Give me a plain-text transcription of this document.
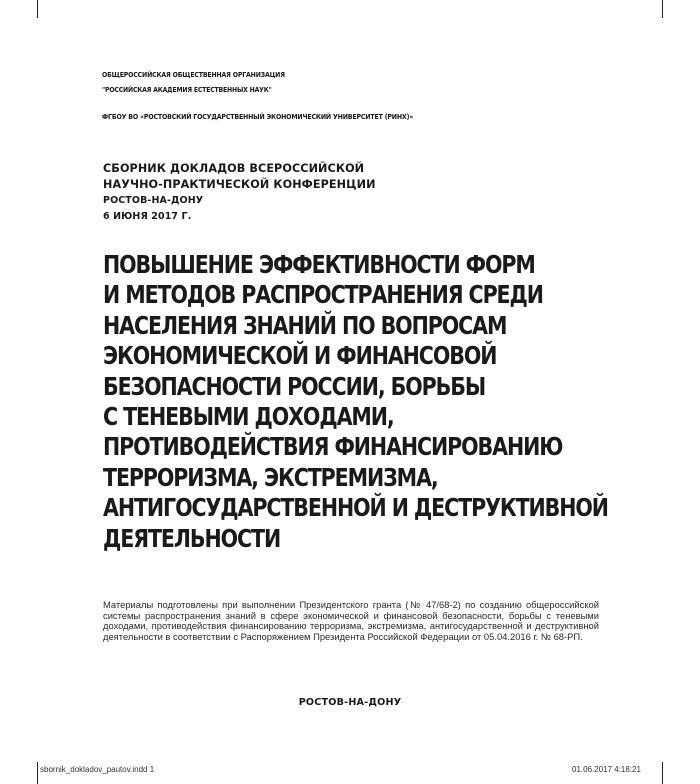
ОБЩЕРОССИЙСКАЯ ОБЩЕСТВЕННАЯ ОРГАНИЗАЦИЯ
"РОССИЙСКАЯ АКАДЕМИЯ ЕСТЕСТВЕННЫХ НАУК"
ФГБОУ ВО «РОСТОВСКИЙ ГОСУДАРСТВЕННЫЙ ЭКОНОМИЧЕСКИЙ УНИВЕРСИТЕТ (РИНХ)»
СБОРНИК ДОКЛАДОВ ВСЕРОССИЙСКОЙ
НАУЧНО-ПРАКТИЧЕСКОЙ КОНФЕРЕНЦИИ
РОСТОВ-НА-ДОНУ
6 ИЮНЯ 2017 Г.
ПОВЫШЕНИЕ ЭФФЕКТИВНОСТИ ФОРМ
И МЕТОДОВ РАСПРОСТРАНЕНИЯ СРЕДИ
НАСЕЛЕНИЯ ЗНАНИЙ ПО ВОПРОСАМ
ЭКОНОМИЧЕСКОЙ И ФИНАНСОВОЙ
БЕЗОПАСНОСТИ РОССИИ, БОРЬБЫ
С ТЕНЕВЫМИ ДОХОДАМИ,
ПРОТИВОДЕЙСТВИЯ ФИНАНСИРОВАНИЮ
ТЕРРОРИЗМА, ЭКСТРЕМИЗМА,
АНТИГОСУДАРСТВЕННОЙ И ДЕСТРУКТИВНОЙ
ДЕЯТЕЛЬНОСТИ
Материалы подготовлены при выполнении Президентского гранта (№ 47/68-2) по созданию общероссийской системы распространения знаний в сфере экономической и финансовой безопасности, борьбы с теневыми доходами, противодействия финансированию терроризма, экстремизма, антигосударственной и деструктивной деятельности в соответствии с Распоряжением Президента Российской Федерации от 05.04.2016 г. № 68-РП.
РОСТОВ-НА-ДОНУ
sbornik_dokladov_pautov.indd 1	01.06.2017 4:18:21
